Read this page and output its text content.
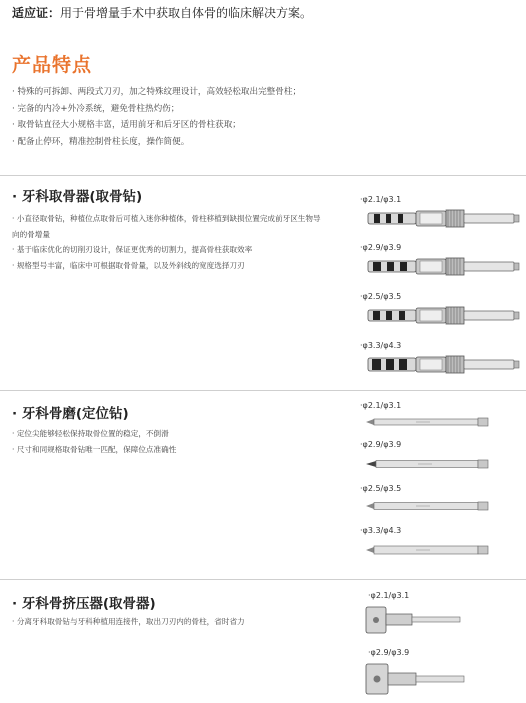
适应证：用于骨增量手术中获取自体骨的临床解决方案。
产品特点
· 特殊的可拆卸、两段式刀刃，加之特殊纹理设计，高效轻松取出完整骨柱；
· 完备的内冷+外冷系统，避免骨柱热灼伤；
· 取骨钻直径大小规格丰富，适用前牙和后牙区的骨柱获取；
· 配备止停环，精准控制骨柱长度，操作简便。
· 牙科取骨器(取骨钻)
· 小直径取骨钻，种植位点取骨后可植入迷你种植体，骨柱移植到缺损位置完成前牙区生物导向的骨增量
· 基于临床优化的切削刃设计，保证更优秀的切割力，提高骨柱获取效率
· 规格型号丰富，临床中可根据取骨骨量，以及外斜线的宽度选择刀刃
·φ2.1/φ3.1
·φ2.9/φ3.9
·φ2.5/φ3.5
·φ3.3/φ4.3
· 牙科骨磨(定位钻)
· 定位尖能够轻松保持取骨位置的稳定，不倒滑
· 尺寸和同规格取骨钻唯一匹配，保障位点准确性
·φ2.1/φ3.1
·φ2.9/φ3.9
·φ2.5/φ3.5
·φ3.3/φ4.3
· 牙科骨挤压器(取骨器)
· 分离牙科取骨钻与牙科种植用连接件，取出刀刃内的骨柱，省时省力
·φ2.1/φ3.1
·φ2.9/φ3.9
